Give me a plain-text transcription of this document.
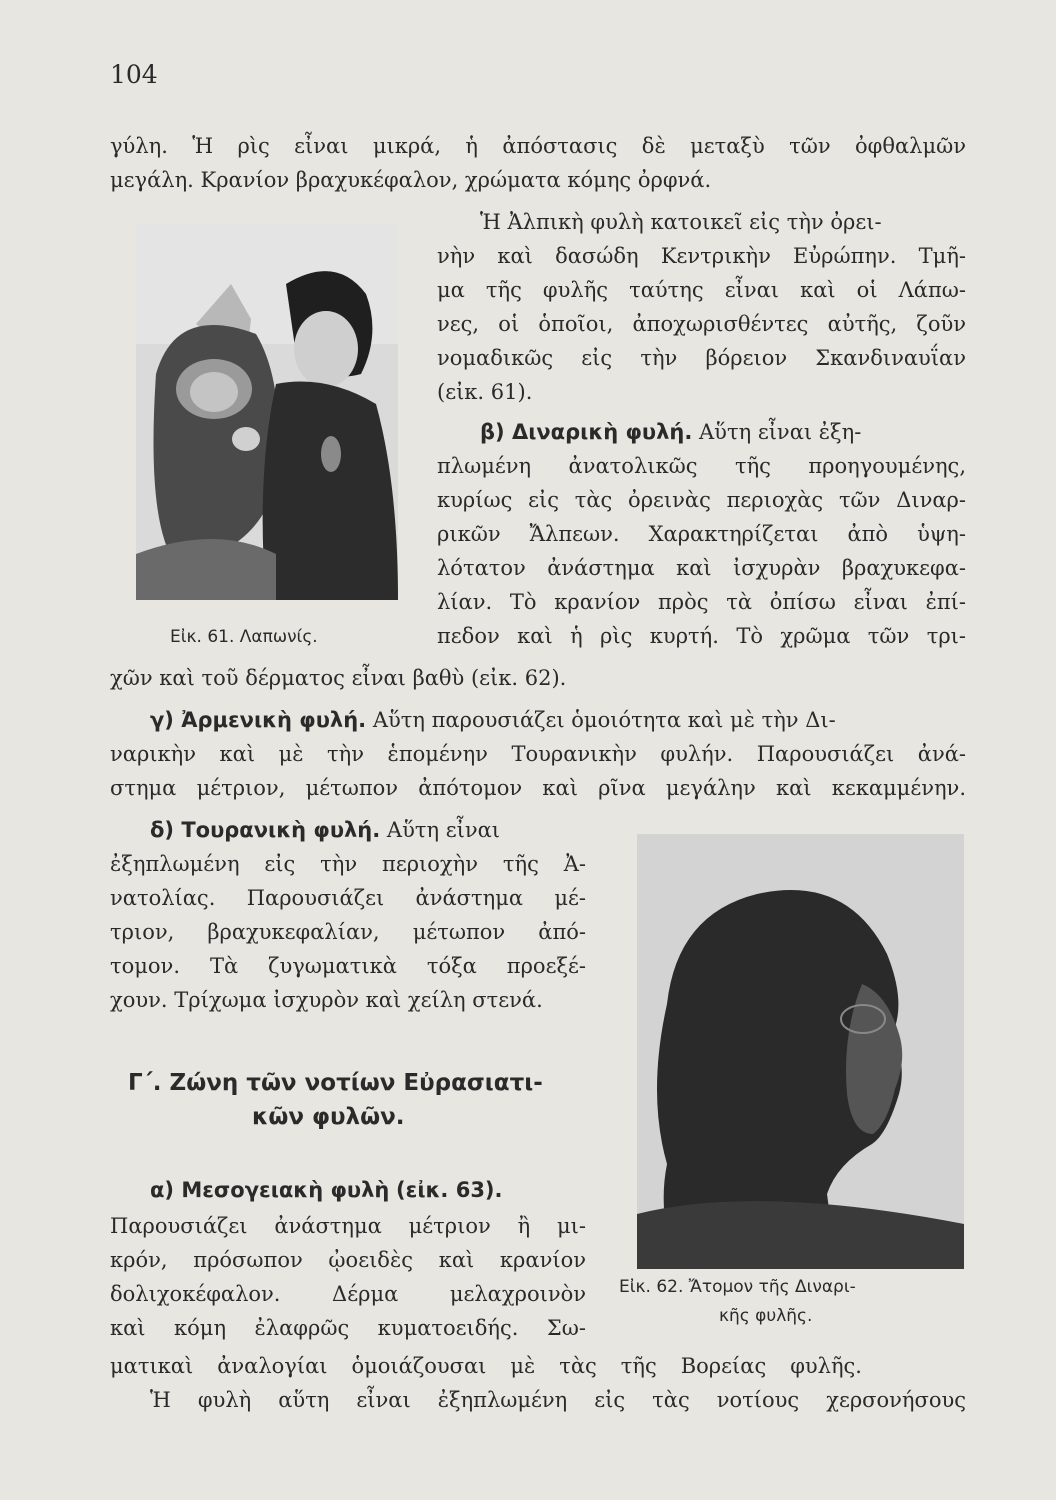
104
γύλη. Ἡ ρὶς εἶναι μικρά, ἡ ἀπόστασις δὲ μεταξὺ τῶν ὀφθαλμῶν
μεγάλη. Κρανίον βραχυκέφαλον, χρώματα κόμης ὀρφνά.
Εἰκ. 61. Λαπωνίς.
Ἡ Ἀλπικὴ φυλὴ κατοικεῖ εἰς τὴν ὀρει-
νὴν καὶ δασώδη Κεντρικὴν Εὐρώπην. Τμῆ-
μα τῆς φυλῆς ταύτης εἶναι καὶ οἱ Λάπω-
νες, οἱ ὁποῖοι, ἀποχωρισθέντες αὐτῆς, ζοῦν
νομαδικῶς εἰς τὴν βόρειον Σκανδιναυΐαν
(εἰκ. 61).
β) Διναρικὴ φυλή. Αὕτη εἶναι ἐξη-
πλωμένη ἀνατολικῶς τῆς προηγουμένης,
κυρίως εἰς τὰς ὀρεινὰς περιοχὰς τῶν Διναρ-
ρικῶν Ἄλπεων. Χαρακτηρίζεται ἀπὸ ὑψη-
λότατον ἀνάστημα καὶ ἰσχυρὰν βραχυκεφα-
λίαν. Τὸ κρανίον πρὸς τὰ ὀπίσω εἶναι ἐπί-
πεδον καὶ ἡ ρὶς κυρτή. Τὸ χρῶμα τῶν τρι-
χῶν καὶ τοῦ δέρματος εἶναι βαθὺ (εἰκ. 62).
γ) Ἀρμενικὴ φυλή. Αὕτη παρουσιάζει ὁμοιότητα καὶ μὲ τὴν Δι-
ναρικὴν καὶ μὲ τὴν ἑπομένην Τουρανικὴν φυλήν. Παρουσιάζει ἀνά-
στημα μέτριον, μέτωπον ἀπότομον καὶ ρῖνα μεγάλην καὶ κεκαμμένην.
δ) Τουρανικὴ φυλή. Αὕτη εἶναι
ἐξηπλωμένη εἰς τὴν περιοχὴν τῆς Ἀ-
νατολίας. Παρουσιάζει ἀνάστημα μέ-
τριον, βραχυκεφαλίαν, μέτωπον ἀπό-
τομον. Τὰ ζυγωματικὰ τόξα προεξέ-
χουν. Τρίχωμα ἰσχυρὸν καὶ χείλη στενά.
Γ΄. Ζώνη τῶν νοτίων Εὐρασιατι-
κῶν φυλῶν.
α) Μεσογειακὴ φυλὴ (εἰκ. 63).
Παρουσιάζει ἀνάστημα μέτριον ἢ μι-
κρόν, πρόσωπον ᾠοειδὲς καὶ κρανίον
δολιχοκέφαλον. Δέρμα μελαχροινὸν
καὶ κόμη ἐλαφρῶς κυματοειδής. Σω-
Εἰκ. 62. Ἄτομον τῆς Διναρι-
κῆς φυλῆς.
ματικαὶ ἀναλογίαι ὁμοιάζουσαι μὲ τὰς τῆς Βορείας φυλῆς.
Ἡ φυλὴ αὕτη εἶναι ἐξηπλωμένη εἰς τὰς νοτίους χερσονήσους
